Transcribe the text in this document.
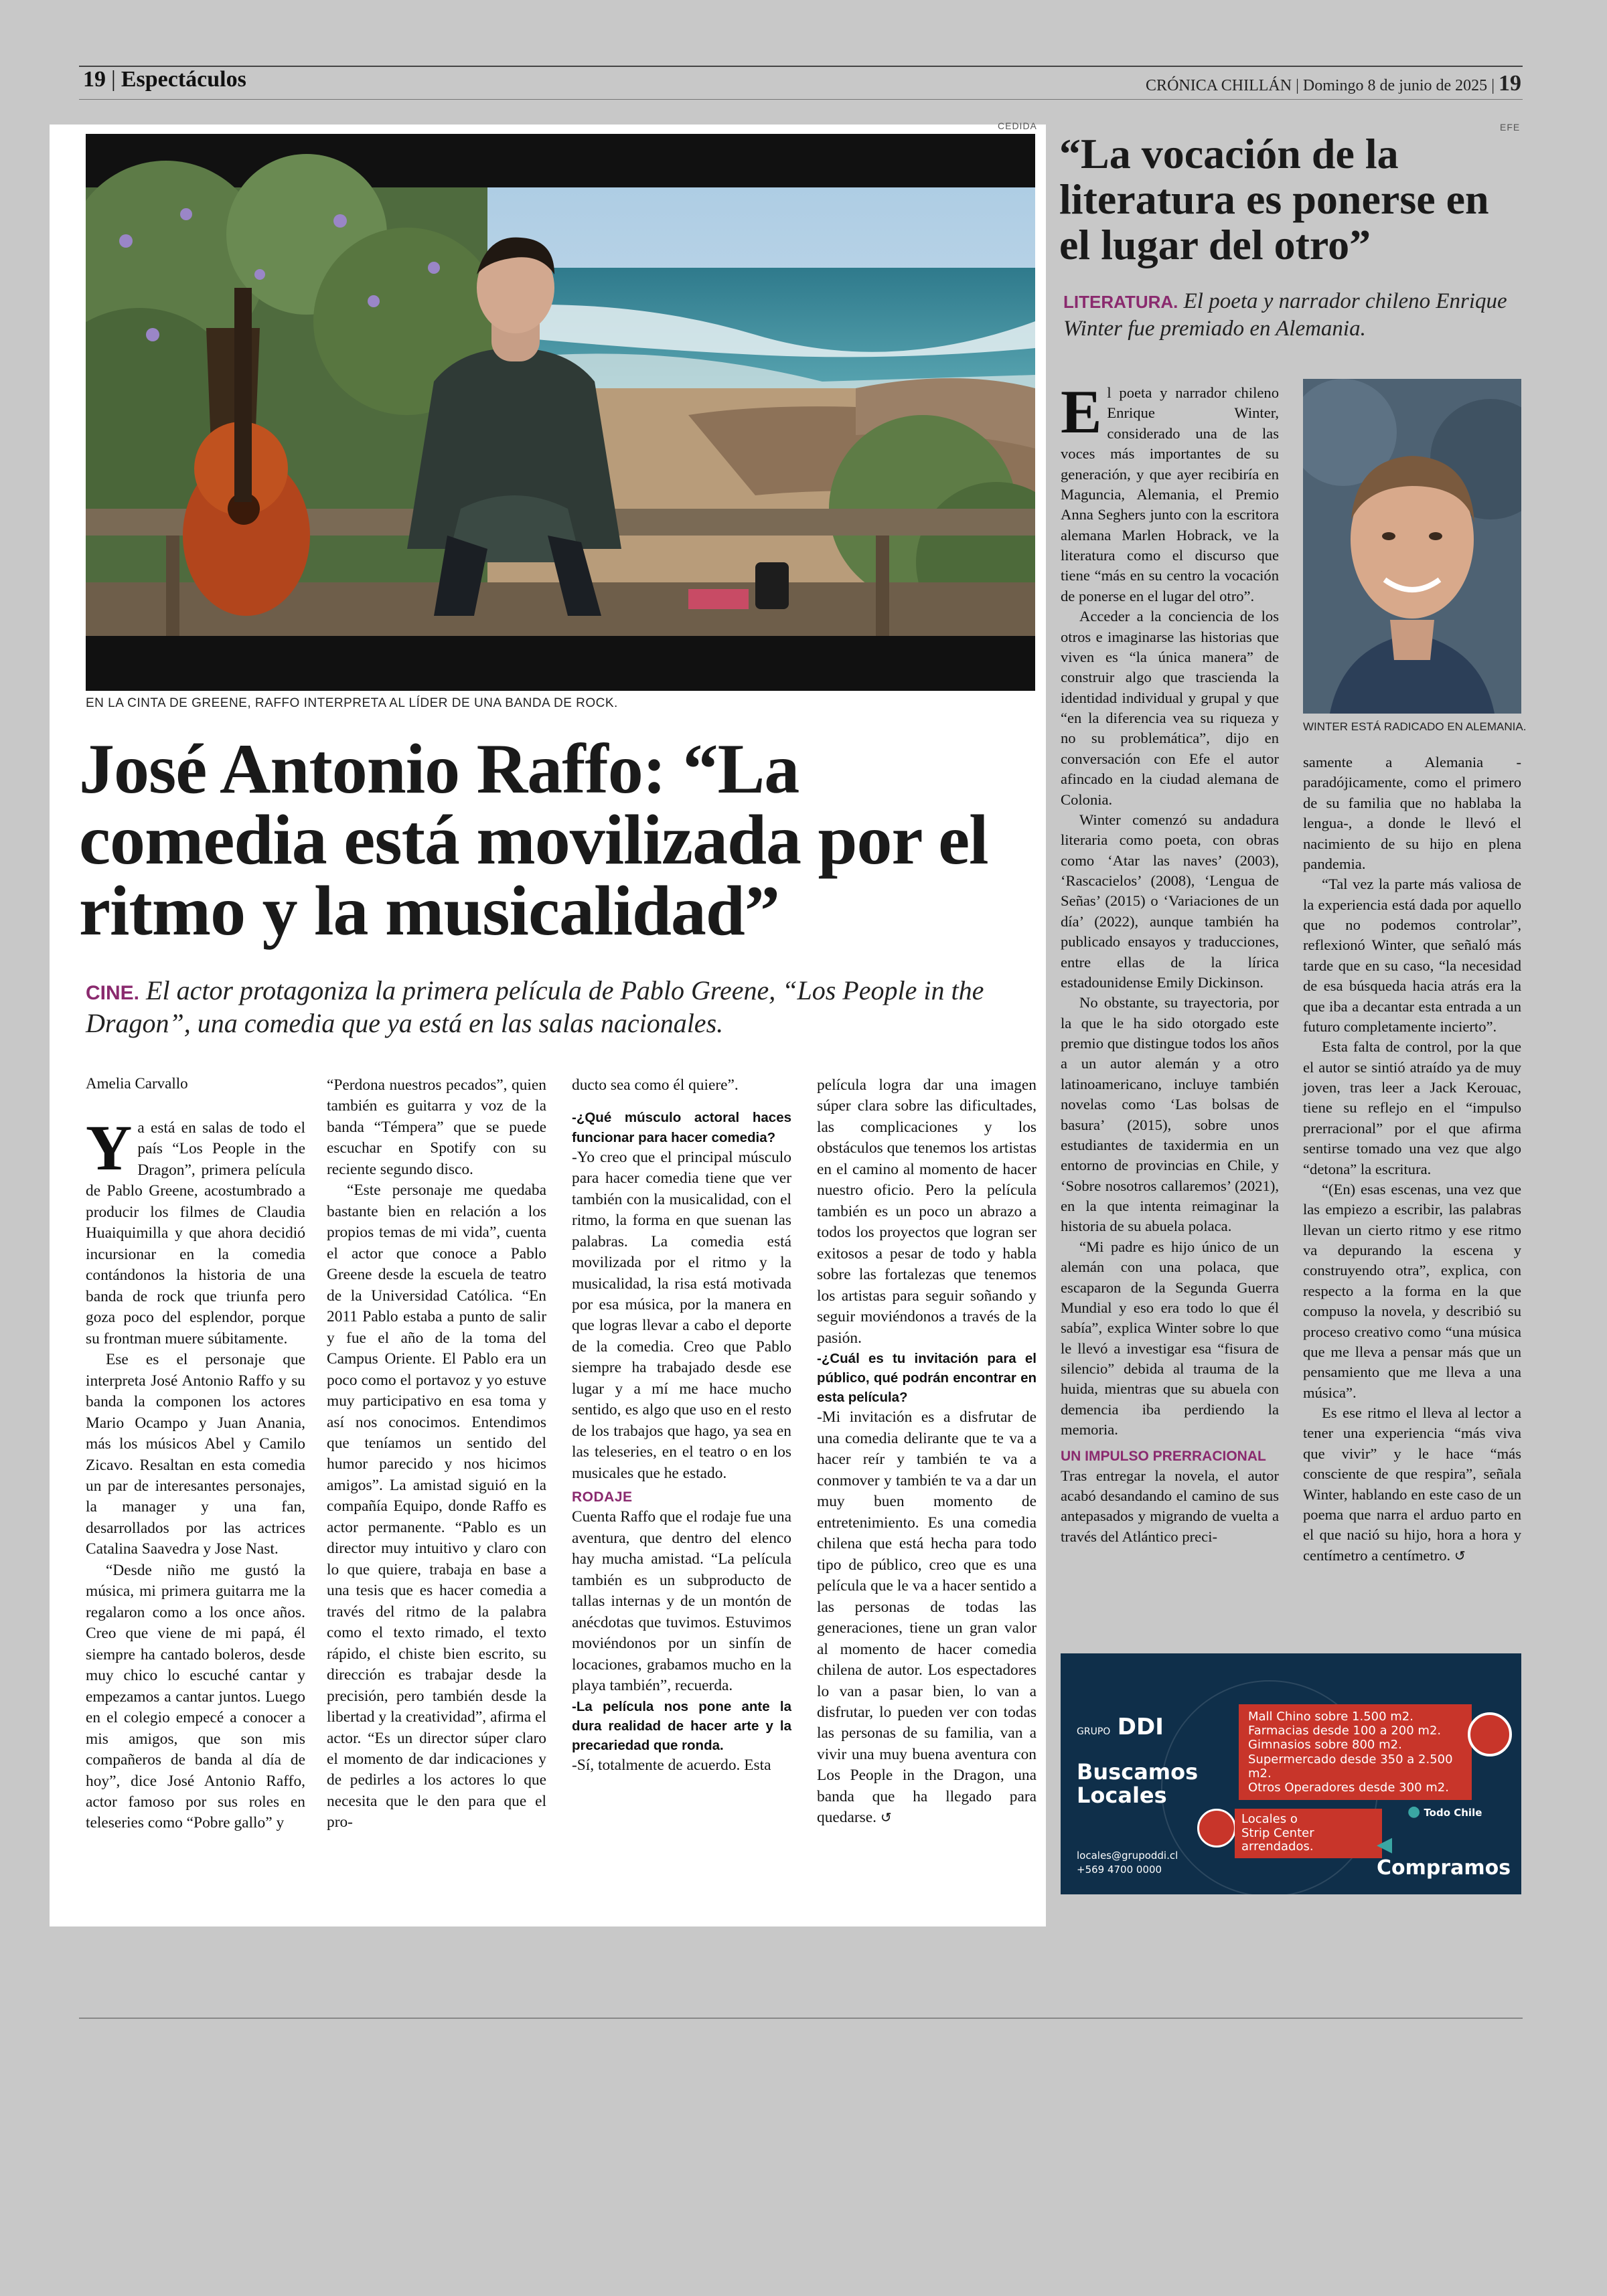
19 | Espectáculos	CRÓNICA CHILLÁN | Domingo 8 de junio de 2025 | 19
CEDIDA
EN LA CINTA DE GREENE, RAFFO INTERPRETA AL LÍDER DE UNA BANDA DE ROCK.
José Antonio Raffo: “La comedia está movilizada por el ritmo y la musicalidad”

CINE. El actor protagoniza la primera película de Pablo Greene, “Los People in the Dragon”, una comedia que ya está en las salas nacionales.

Amelia Carvallo

Ya está en salas de todo el país “Los People in the Dragon”, primera película de Pablo Greene, acostumbrado a producir los filmes de Claudia Huaiquimilla y que ahora decidió incursionar en la comedia contándonos la historia de una banda de rock que triunfa pero goza poco del esplendor, porque su frontman muere súbitamente.

Ese es el personaje que interpreta José Antonio Raffo y su banda la componen los actores Mario Ocampo y Juan Anania, más los músicos Abel y Camilo Zicavo. Resaltan en esta comedia un par de interesantes personajes, la manager y una fan, desarrollados por las actrices Catalina Saavedra y Jose Nast.

“Desde niño me gustó la música, mi primera guitarra me la regalaron como a los once años. Creo que viene de mi papá, él siempre ha cantado boleros, desde muy chico lo escuché cantar y empezamos a cantar juntos. Luego en el colegio empecé a conocer a mis amigos, que son mis compañeros de banda al día de hoy”, dice José Antonio Raffo, actor famoso por sus roles en teleseries como “Pobre gallo” y

“Perdona nuestros pecados”, quien también es guitarra y voz de la banda “Témpera” que se puede escuchar en Spotify con su reciente segundo disco.

“Este personaje me quedaba bastante bien en relación a los propios temas de mi vida”, cuenta el actor que conoce a Pablo Greene desde la escuela de teatro de la Universidad Católica. “En 2011 Pablo estaba a punto de salir y fue el año de la toma del Campus Oriente. El Pablo era un poco como el portavoz y yo estuve muy participativo en esa toma y así nos conocimos. Entendimos que teníamos un sentido del humor parecido y nos hicimos amigos”. La amistad siguió en la compañía Equipo, donde Raffo es actor permanente. “Pablo es un director muy intuitivo y claro con lo que quiere, trabaja en base a una tesis que es hacer comedia a través del ritmo de la palabra como el texto rimado, el texto rápido, el chiste bien escrito, su dirección es trabajar desde la precisión, pero también desde la libertad y la creatividad”, afirma el actor. “Es un director súper claro el momento de dar indicaciones y de pedirles a los actores lo que necesita que le den para que el pro-

ducto sea como él quiere”.

-¿Qué músculo actoral haces funcionar para hacer comedia?

-Yo creo que el principal músculo para hacer comedia tiene que ver también con la musicalidad, con el ritmo, la forma en que suenan las palabras. La comedia está movilizada por el ritmo y la musicalidad, la risa está motivada por esa música, por la manera en que logras llevar a cabo el deporte de la comedia. Creo que Pablo siempre ha trabajado desde ese lugar y a mí me hace mucho sentido, es algo que uso en el resto de los trabajos que hago, ya sea en las teleseries, en el teatro o en los musicales que he estado.

RODAJE

Cuenta Raffo que el rodaje fue una aventura, que dentro del elenco hay mucha amistad. “La película también es un subproducto de tallas internas y de un montón de anécdotas que tuvimos. Estuvimos moviéndonos por un sinfín de locaciones, grabamos mucho en la playa también”, recuerda.

-La película nos pone ante la dura realidad de hacer arte y la precariedad que ronda.

-Sí, totalmente de acuerdo. Esta

película logra dar una imagen súper clara sobre las dificultades, las complicaciones y los obstáculos que tenemos los artistas en el camino al momento de hacer nuestro oficio. Pero la película también es un poco un abrazo a todos los proyectos que logran ser exitosos a pesar de todo y habla sobre las fortalezas que tenemos los artistas para seguir soñando y seguir moviéndonos a través de la pasión.

-¿Cuál es tu invitación para el público, qué podrán encontrar en esta película?

-Mi invitación es a disfrutar de una comedia delirante que te va a hacer reír y también te va a conmover y también te va a dar un muy buen momento de entretenimiento. Es una comedia chilena que está hecha para todo tipo de público, creo que es una película que le va a hacer sentido a las personas de todas las generaciones, tiene un gran valor al momento de hacer comedia chilena de autor. Los espectadores lo van a pasar bien, lo van a disfrutar, lo pueden ver con todas las personas de su familia, van a vivir una muy buena aventura con Los People in the Dragon, una banda que ha llegado para quedarse. ↺

EFE
“La vocación de la literatura es ponerse en el lugar del otro”

LITERATURA. El poeta y narrador chileno Enrique Winter fue premiado en Alemania.

WINTER ESTÁ RADICADO EN ALEMANIA.

El poeta y narrador chileno Enrique Winter, considerado una de las voces más importantes de su generación, y que ayer recibiría en Maguncia, Alemania, el Premio Anna Seghers junto con la escritora alemana Marlen Hobrack, ve la literatura como el discurso que tiene “más en su centro la vocación de ponerse en el lugar del otro”.

Acceder a la conciencia de los otros e imaginarse las historias que viven es “la única manera” de construir algo que trascienda la identidad individual y grupal y que “en la diferencia vea su riqueza y no su problemática”, dijo en conversación con Efe el autor afincado en la ciudad alemana de Colonia.

Winter comenzó su andadura literaria como poeta, con obras como ‘Atar las naves’ (2003), ‘Rascacielos’ (2008), ‘Lengua de Señas’ (2015) o ‘Variaciones de un día’ (2022), aunque también ha publicado ensayos y traducciones, entre ellas de la lírica estadounidense Emily Dickinson.

No obstante, su trayectoria, por la que le ha sido otorgado este premio que distingue todos los años a un autor alemán y a otro latinoamericano, incluye también novelas como ‘Las bolsas de basura’ (2015), sobre unos estudiantes de taxidermia en un entorno de provincias en Chile, y ‘Sobre nosotros callaremos’ (2021), en la que intenta reimaginar la historia de su abuela polaca.

“Mi padre es hijo único de un alemán con una polaca, que escaparon de la Segunda Guerra Mundial y eso era todo lo que él sabía”, explica Winter sobre lo que le llevó a investigar esa “fisura de silencio” debida al trauma de la huida, mientras que su abuela con demencia iba perdiendo la memoria.

UN IMPULSO PRERRACIONAL

Tras entregar la novela, el autor acabó desandando el camino de sus antepasados y migrando de vuelta a través del Atlántico preci-

samente a Alemania -paradójicamente, como el primero de su familia que no hablaba la lengua-, a donde le llevó el nacimiento de su hijo en plena pandemia.

“Tal vez la parte más valiosa de la experiencia está dada por aquello que no podemos controlar”, reflexionó Winter, que señaló más tarde que en su caso, “la necesidad de esa búsqueda hacia atrás era la que iba a decantar esta entrada a un futuro completamente incierto”.

Esta falta de control, por la que el autor se sintió atraído ya de muy joven, tras leer a Jack Kerouac, tiene su reflejo en el “impulso prerracional” por el que afirma sentirse tomado una vez que algo “detona” la escritura.

“(En) esas escenas, una vez que las empiezo a escribir, las palabras llevan un cierto ritmo y ese ritmo va depurando la escena y construyendo otra”, explica, con respecto a la forma en la que compuso la novela, y describió su proceso creativo como “una música que me lleva a pensar más que un pensamiento que me lleva a una música”.

Es ese ritmo el lleva al lector a tener una experiencia “más viva que vivir” y le hace “más consciente de que respira”, señala Winter, hablando en este caso de un poema que narra el arduo parto en el que nació su hijo, hora a hora y centímetro a centímetro. ↺

GRUPO DDI
Buscamos
Locales
locales@grupoddi.cl
+569 4700 0000
Mall Chino sobre 1.500 m2.
Farmacias desde 100 a 200 m2.
Gimnasios sobre 800 m2.
Supermercado desde 350 a 2.500 m2.
Otros Operadores desde 300 m2.
● Todo Chile
Locales o
Strip Center
arrendados.	◀ Compramos
